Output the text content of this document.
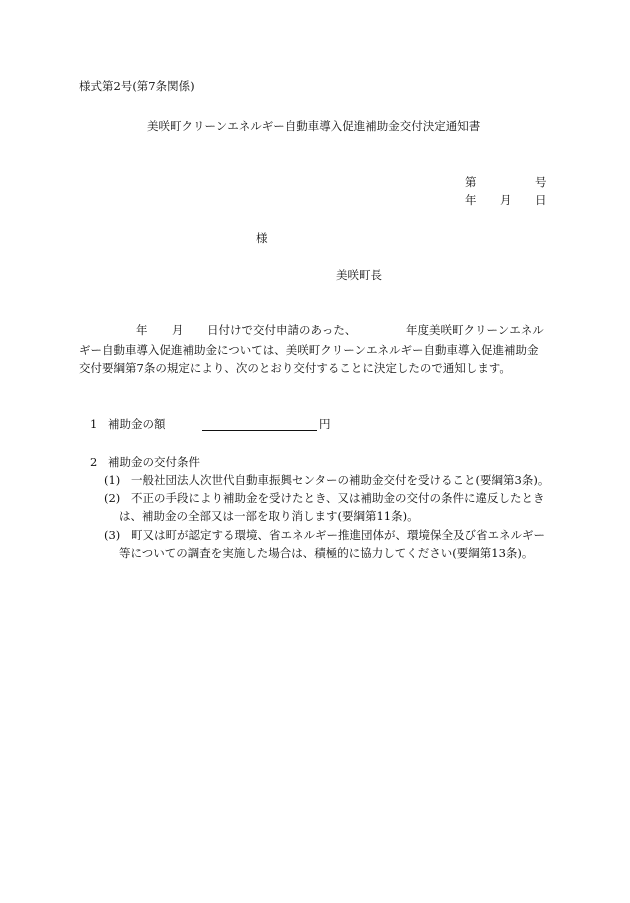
様式第2号(第7条関係)
美咲町クリーンエネルギー自動車導入促進補助金交付決定通知書
第	号
年 月 日
様
美咲町長
年 月 日付けで交付申請のあった、	年度美咲町クリーンエネル
ギー自動車導入促進補助金については、美咲町クリーンエネルギー自動車導入促進補助金
交付要綱第7条の規定により、次のとおり交付することに決定したので通知します。
1 補助金の額	円
2 補助金の交付条件
(1) 一般社団法人次世代自動車振興センターの補助金交付を受けること(要綱第3条)。
(2) 不正の手段により補助金を受けたとき、又は補助金の交付の条件に違反したとき
は、補助金の全部又は一部を取り消します(要綱第11条)。
(3) 町又は町が認定する環境、省エネルギー推進団体が、環境保全及び省エネルギー
等についての調査を実施した場合は、積極的に協力してください(要綱第13条)。
